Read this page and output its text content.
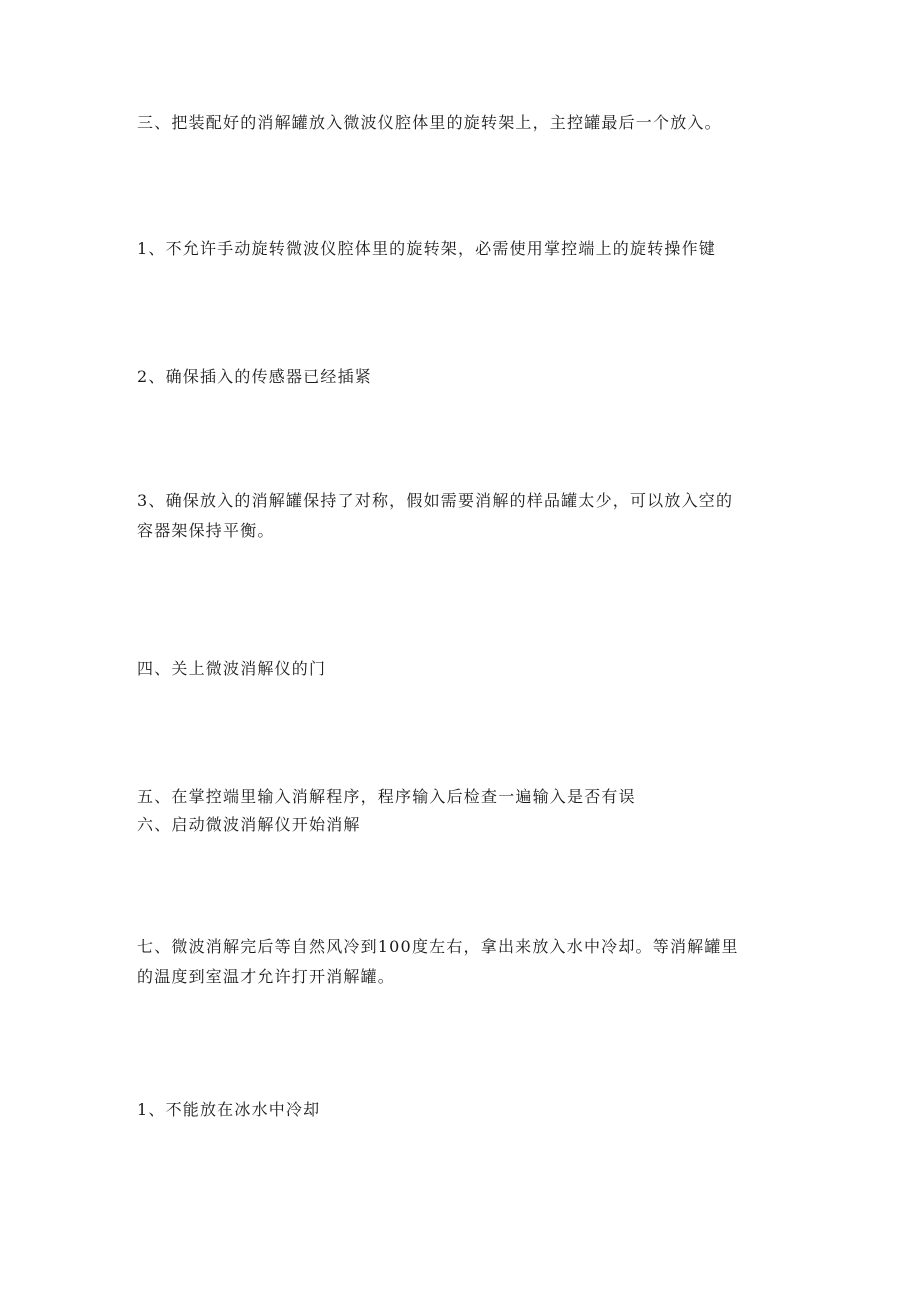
三、把装配好的消解罐放入微波仪腔体里的旋转架上，主控罐最后一个放入。

1、不允许手动旋转微波仪腔体里的旋转架，必需使用掌控端上的旋转操作键

2、确保插入的传感器已经插紧

3、确保放入的消解罐保持了对称，假如需要消解的样品罐太少，可以放入空的
容器架保持平衡。

四、关上微波消解仪的门

五、在掌控端里输入消解程序，程序输入后检查一遍输入是否有误
六、启动微波消解仪开始消解

七、微波消解完后等自然风冷到100度左右，拿出来放入水中冷却。等消解罐里
的温度到室温才允许打开消解罐。

1、不能放在冰水中冷却
